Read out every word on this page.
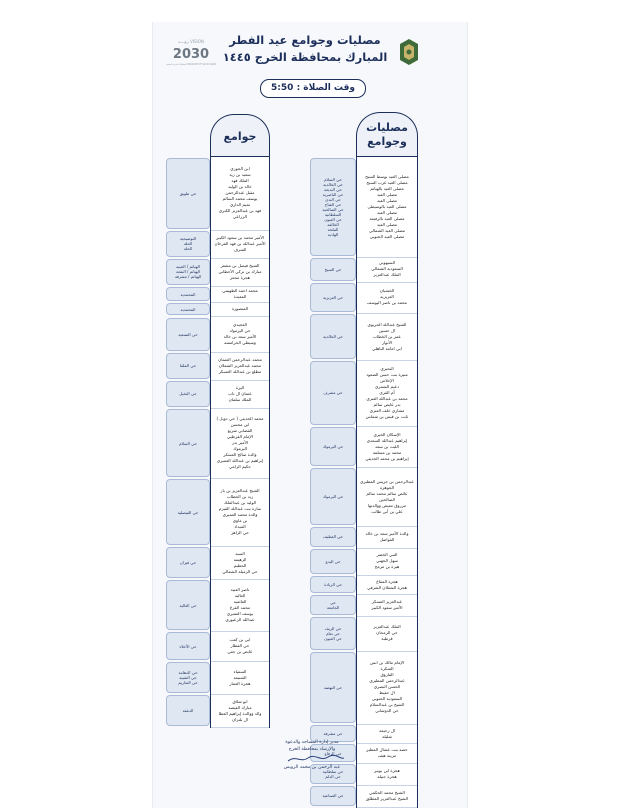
رؤيـــة VISION
2030
المملكة العربية السعودية KINGDOM OF SAUDI ARABIA
مصليات وجوامع عيد الفطر
المبارك بمحافظة الخرج ١٤٤٥
وقت الصلاة : 5:50
مصليات
وجوامع
مصلى العيد بوسط السيح
مصلى العيد غرب السيح
مصلى العيد بالهياثم
مصلى العيد
مصلى العيد
مصلى العيد بالوسيطى
مصلى العيد
مصلى العيد بالرفيعة
مصلى العيد
مصلى العيد الشمالي
مصلى العيد الجنوبي
السبهوني
السعودية الشمالي
الملك عبدالعزيز
الخشبان
العزيزية
محمد بن ناصر اليوسف
الشيخ عبدالله الجريوي
ال حسين
عمر بن الخطاب
الأنوار
ابي امامة الباهلي
البحيري
منيرة بنت حسن الصعود
الإخلاص
دعيم الشمري
أم القرى
محمد بن عبدالله العنزي
بدر عايض سالم
مشاري خلف العنزي
ثابت بن قيس بن شماس
الإسكان الخيري
إبراهيم عبدالله السعدي
الليث بن سعد
محمد بن مسلمة
إبراهيم بن محمد الحديثي
عبدالرحمن بن جريس المطيري
الجوهرة
عائض سالم محمد سالم
الصالحين
مرزوق معيض ووالدتها
علي بن أبي طالب
والدة الأمير سعد بن خالد
الفواضل
النبي الخضر
سهل الجهني
هيزة بن مرمح
هجرة المقاع
هجرة الشعلان الشرقي
عبدالعزيز العسكر
الأمير سعود الكبير
الملك عبدالعزيز
حي الرمحان
قرطبة
الإمام مالك بن انس
الشكرة
الفاروق
عبدالرحمن المطيري
الحسن البصري
ال حفيظ
السعودية الجنوبي
الشيخ بن عبدالسلام
حي الدوشاني
ال رحيمه
شليلة
حصة بنت عشال المطير
مزينة هيف
هجرة ابن بويير
هجرة جبيلة
الشيخ محمد الحكمي
الشيخ عبدالعزيز المطلق
جوامع
ابن الجوزي
سعيد بن زيد
الملك فهد
خالد بن الوليد
مقبل عبدالرحمن
يوسف محمد السالم
تميم الداري
فهد بن عبدالعزيز الكنري
الزراعي
الأمير محمد بن سعود الكبير
الأمير عبدالله بن فهد الفرحان
الشرف
الشيخ فيصل بن مشعر
مبارك بن تركي الأحطاني
هجرة مجعر
محمد احمد الطهيمي
المعيدة
المنصورة
العجيدي
حي اليرموك
الأمير سعد بن خالد
وسيطي الخرامشة
محمد عبدالرحمن العثمان
محمد عبدالعزيز الشعلان
مطلع بن عبدالله العسكر
اليرة
عثمان ال تاب
الملك سلمان
محمد الحديثي ( حي دوبل )
ابن محسن
القضاني شريع
الإمام القرطبي
الأمير بدر
اليرموك
والدة صالح العسكر
إبراهيم بن عبدالله العميري
حكيم الزامي
الشيخ عبدالعزيز بن باز
زيد بن الخطاب
الوليد بن عبدالملك
سارة بنت عبدالله القيزم
والدة محمد العميري
بن ماوي
الميداد
حي الزاهر
السيد
الزهيمة
الحطيم
حي الزميلة الشمالي
ناصر العبيد
العالية
العائمية
محمد القرع
يوسف العميري
عبدالله الزعيوري
ابي بن كعب
حي القطار
عايض بن جعي
السفياء
الشنيعة
هجرة العمار
ابو شلاق
مبارك الفيصه
والد ووالدة إبراهيم العطا
ال بلتزان
حي السلام
حي الخالدية
حي البديعة
حي الناصرية
حي الندى
حي الفتاح
حي الصالحية
السلطانية
حي العيون
الخالفة
الملحة
الهادية
حي السيح
حي العزيزية
حي الخالدية
حي مشرف
حي اليرموك
حي اليرموك
حي العطيف
حي البدع
حي الزيادة
حي
الجامعة
حي الريف
حي نعام
حي العيون
حي النهضة
حي مشرفة
حي الرفاع
حي سلطانية
حي الدلم
حي الصناعية
حي طويق
التوضيحية
الحلة
الحلة
الهياثم / الجبيه
الهياثم / النقعة
الهياثم / مشرفة
المحمدية
المحمدية
حي الصنعية
حي الملقا
حي النخيل
حي السلام
حي الفيصلية
حي فيزان
حي العالية
حي الأخلاء
حي الدهامة
حي الشيبه
حي النعاريم
الدغفة
مدير إدارة المساجد والدعوة
والإرشاد بمحافظة الخرج
عبد الرحمن بن محمد الرويس
